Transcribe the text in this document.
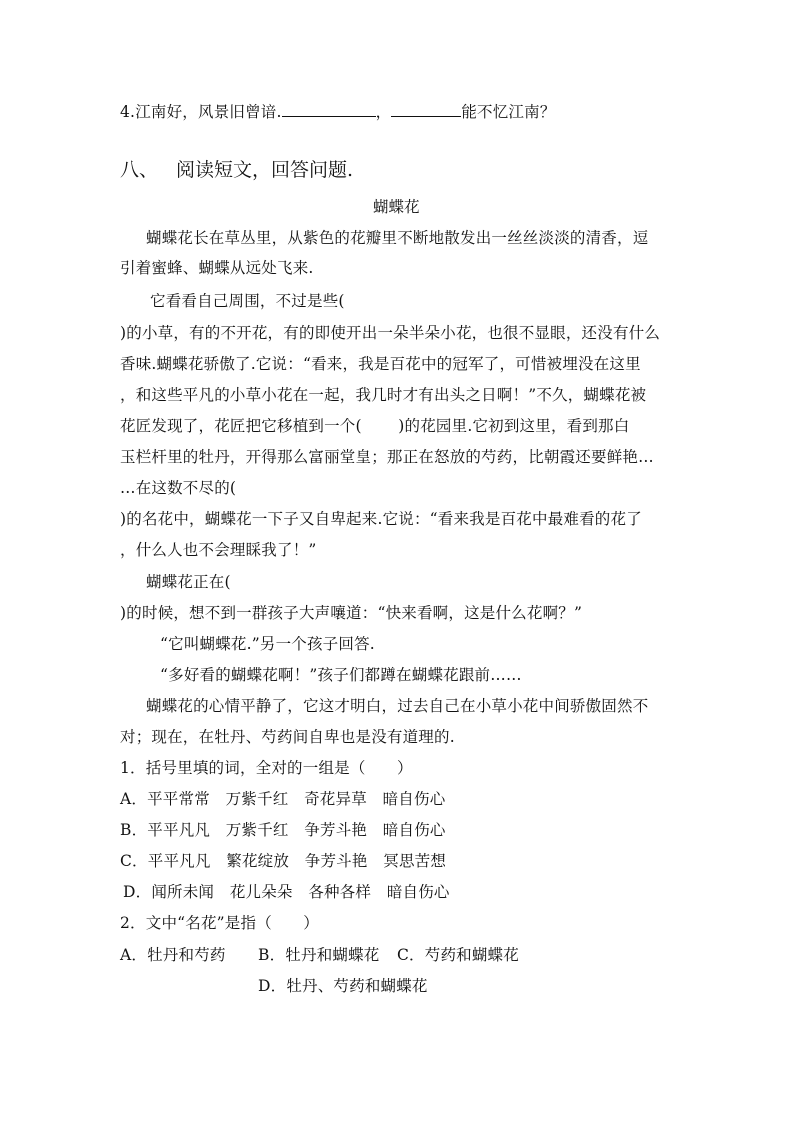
4.江南好，风景旧曾谙.	，	能不忆江南？
八、 阅读短文，回答问题.
蝴蝶花
蝴蝶花长在草丛里，从紫色的花瓣里不断地散发出一丝丝淡淡的清香，逗
引着蜜蜂、蝴蝶从远处飞来.
它看看自己周围，不过是些(
)的小草，有的不开花，有的即使开出一朵半朵小花，也很不显眼，还没有什么
香味.蝴蝶花骄傲了.它说：“看来，我是百花中的冠军了，可惜被埋没在这里
，和这些平凡的小草小花在一起，我几时才有出头之日啊！”不久，蝴蝶花被
花匠发现了，花匠把它移植到一个(　　 )的花园里.它初到这里，看到那白
玉栏杆里的牡丹，开得那么富丽堂皇；那正在怒放的芍药，比朝霞还要鲜艳…
…在这数不尽的(
)的名花中，蝴蝶花一下子又自卑起来.它说：“看来我是百花中最难看的花了
，什么人也不会理睬我了！”
蝴蝶花正在(
)的时候，想不到一群孩子大声嚷道：“快来看啊，这是什么花啊？”
“它叫蝴蝶花.”另一个孩子回答.
“多好看的蝴蝶花啊！”孩子们都蹲在蝴蝶花跟前……
蝴蝶花的心情平静了，它这才明白，过去自己在小草小花中间骄傲固然不
对；现在，在牡丹、芍药间自卑也是没有道理的.
1．括号里填的词，全对的一组是（　　）
A．平平常常　万紫千红　奇花异草　暗自伤心
B．平平凡凡　万紫千红　争芳斗艳　暗自伤心
C．平平凡凡　繁花绽放　争芳斗艳　冥思苦想
D．闻所未闻　花儿朵朵　各种各样　暗自伤心
2．文中“名花”是指（　　）
A．牡丹和芍药 B．牡丹和蝴蝶花 C．芍药和蝴蝶花
D．牡丹、芍药和蝴蝶花
